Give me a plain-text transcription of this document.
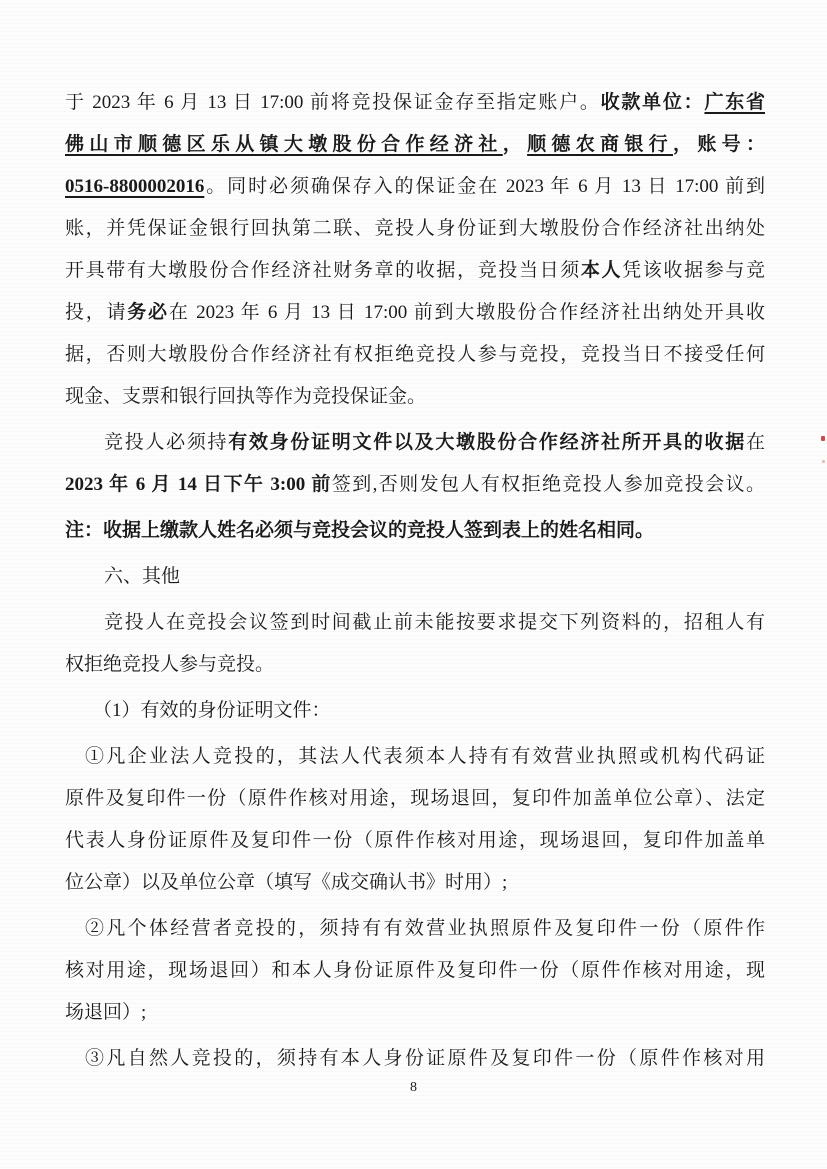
于 2023 年 6 月 13 日 17:00 前将竞投保证金存至指定账户。收款单位：广东省
佛山市顺德区乐从镇大墩股份合作经济社，顺德农商银行，账号：
0516-8800002016。同时必须确保存入的保证金在 2023 年 6 月 13 日 17:00 前到
账，并凭保证金银行回执第二联、竞投人身份证到大墩股份合作经济社出纳处
开具带有大墩股份合作经济社财务章的收据，竞投当日须本人凭该收据参与竞
投，请务必在 2023 年 6 月 13 日 17:00 前到大墩股份合作经济社出纳处开具收
据，否则大墩股份合作经济社有权拒绝竞投人参与竞投，竞投当日不接受任何
现金、支票和银行回执等作为竞投保证金。
竞投人必须持有效身份证明文件以及大墩股份合作经济社所开具的收据在
2023 年 6 月 14 日下午 3:00 前签到,否则发包人有权拒绝竞投人参加竞投会议。
注：收据上缴款人姓名必须与竞投会议的竞投人签到表上的姓名相同。
六、其他
竞投人在竞投会议签到时间截止前未能按要求提交下列资料的，招租人有
权拒绝竞投人参与竞投。
（1）有效的身份证明文件：
①凡企业法人竞投的，其法人代表须本人持有有效营业执照或机构代码证
原件及复印件一份（原件作核对用途，现场退回，复印件加盖单位公章）、法定
代表人身份证原件及复印件一份（原件作核对用途，现场退回，复印件加盖单
位公章）以及单位公章（填写《成交确认书》时用）;
②凡个体经营者竞投的，须持有有效营业执照原件及复印件一份（原件作
核对用途，现场退回）和本人身份证原件及复印件一份（原件作核对用途，现
场退回）;
③凡自然人竞投的，须持有本人身份证原件及复印件一份（原件作核对用
8
